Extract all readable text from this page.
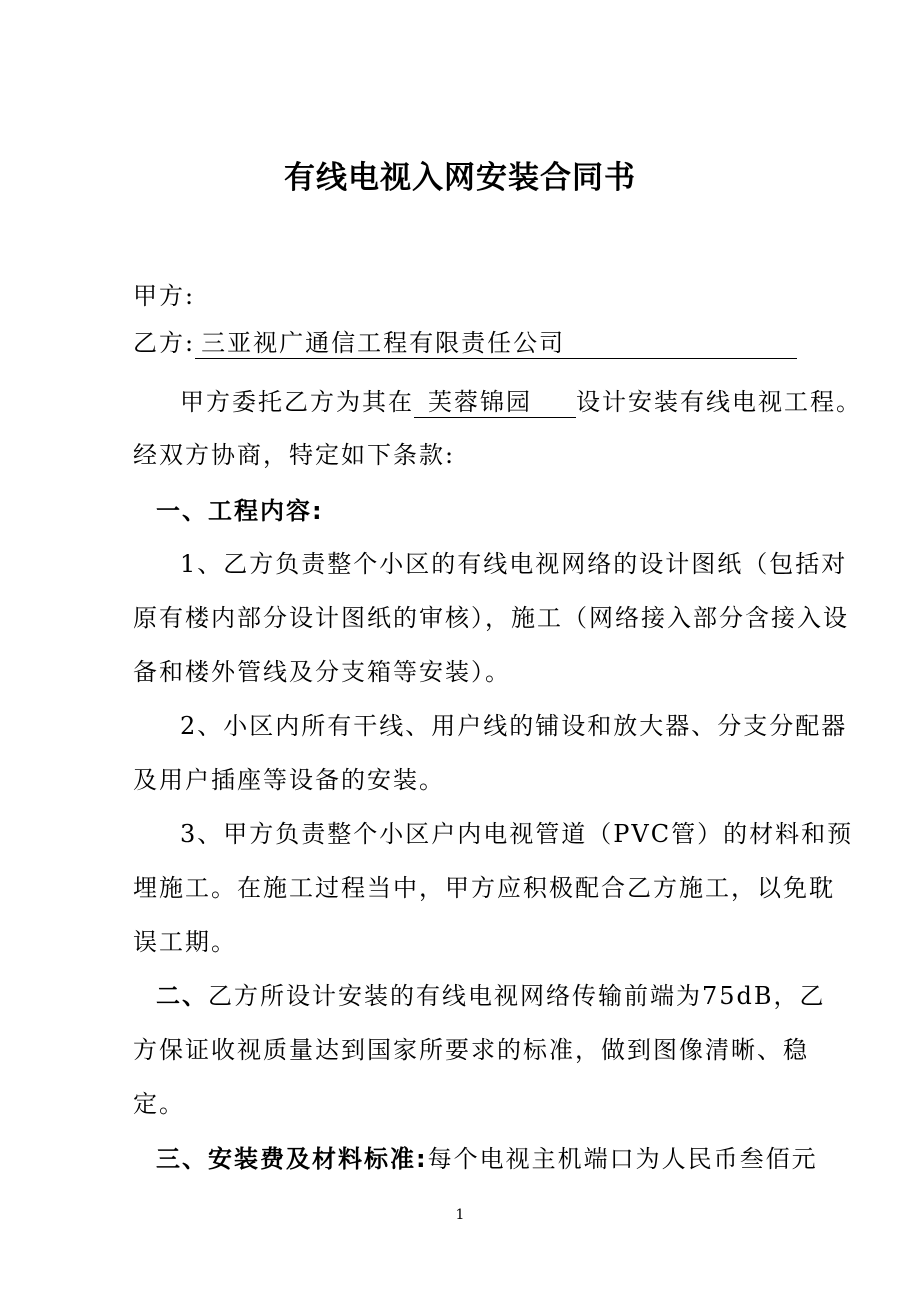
有线电视入网安装合同书
甲方:
乙方: 三亚视广通信工程有限责任公司
甲方委托乙方为其在 芙蓉锦园 设计安装有线电视工程。
经双方协商，特定如下条款:
一、工程内容:
1、乙方负责整个小区的有线电视网络的设计图纸（包括对
原有楼内部分设计图纸的审核），施工（网络接入部分含接入设
备和楼外管线及分支箱等安装）。
2、小区内所有干线、用户线的铺设和放大器、分支分配器
及用户插座等设备的安装。
3、甲方负责整个小区户内电视管道（PVC管）的材料和预
埋施工。在施工过程当中，甲方应积极配合乙方施工，以免耽
误工期。
二、乙方所设计安装的有线电视网络传输前端为75dB，乙
方保证收视质量达到国家所要求的标准，做到图像清晰、稳
定。
三、安装费及材料标准:每个电视主机端口为人民币叁佰元
1
